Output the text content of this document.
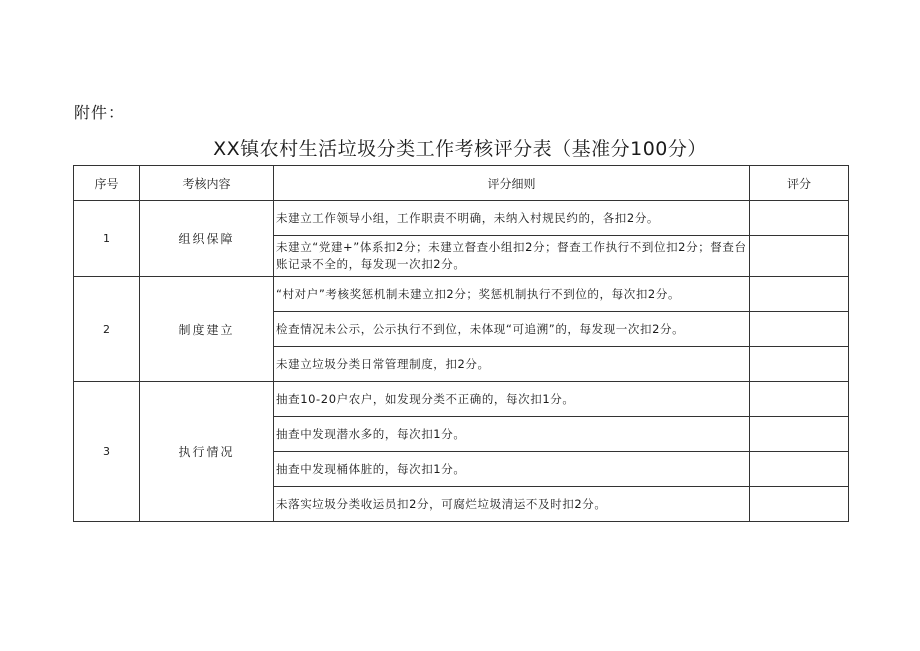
附件：
XX镇农村生活垃圾分类工作考核评分表（基准分100分）
序号	考核内容	评分细则	评分
1	组织保障	未建立工作领导小组，工作职责不明确，未纳入村规民约的，各扣2分。	
		未建立“党建+”体系扣2分；未建立督查小组扣2分；督查工作执行不到位扣2分；督查台账记录不全的，每发现一次扣2分。	
2	制度建立	“村对户”考核奖惩机制未建立扣2分；奖惩机制执行不到位的，每次扣2分。	
		检查情况未公示，公示执行不到位，未体现“可追溯”的，每发现一次扣2分。	
		未建立垃圾分类日常管理制度，扣2分。	
3	执行情况	抽查10-20户农户，如发现分类不正确的，每次扣1分。	
		抽查中发现潜水多的，每次扣1分。	
		抽查中发现桶体脏的，每次扣1分。	
		未落实垃圾分类收运员扣2分，可腐烂垃圾清运不及时扣2分。	
